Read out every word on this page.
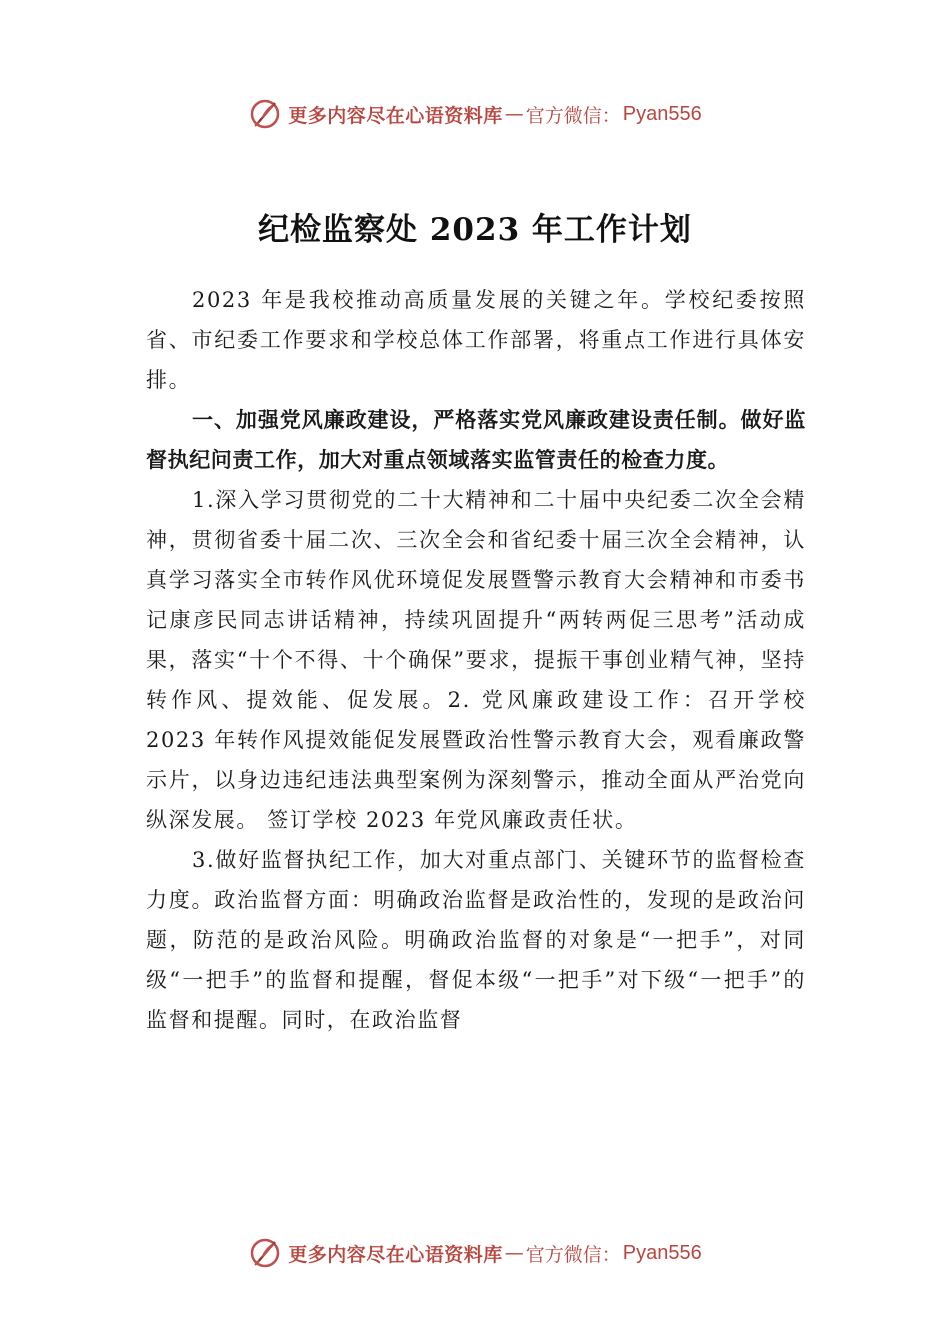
更多内容尽在心语资料库 — 官方微信： Pyan556
纪检监察处 2023 年工作计划

2023 年是我校推动高质量发展的关键之年。学校纪委按照省、市纪委工作要求和学校总体工作部署，将重点工作进行具体安排。

一、加强党风廉政建设，严格落实党风廉政建设责任制。做好监督执纪问责工作，加大对重点领域落实监管责任的检查力度。

1.深入学习贯彻党的二十大精神和二十届中央纪委二次全会精神，贯彻省委十届二次、三次全会和省纪委十届三次全会精神，认真学习落实全市转作风优环境促发展暨警示教育大会精神和市委书记康彦民同志讲话精神，持续巩固提升“两转两促三思考”活动成果，落实“十个不得、十个确保”要求，提振干事创业精气神，坚持转作风、提效能、促发展。2. 党风廉政建设工作：召开学校 2023 年转作风提效能促发展暨政治性警示教育大会，观看廉政警示片，以身边违纪违法典型案例为深刻警示，推动全面从严治党向纵深发展。 签订学校 2023 年党风廉政责任状。

3.做好监督执纪工作，加大对重点部门、关键环节的监督检查力度。政治监督方面：明确政治监督是政治性的，发现的是政治问题，防范的是政治风险。明确政治监督的对象是“一把手”，对同级“一把手”的监督和提醒，督促本级“一把手”对下级“一把手”的监督和提醒。同时，在政治监督

更多内容尽在心语资料库 — 官方微信： Pyan556
